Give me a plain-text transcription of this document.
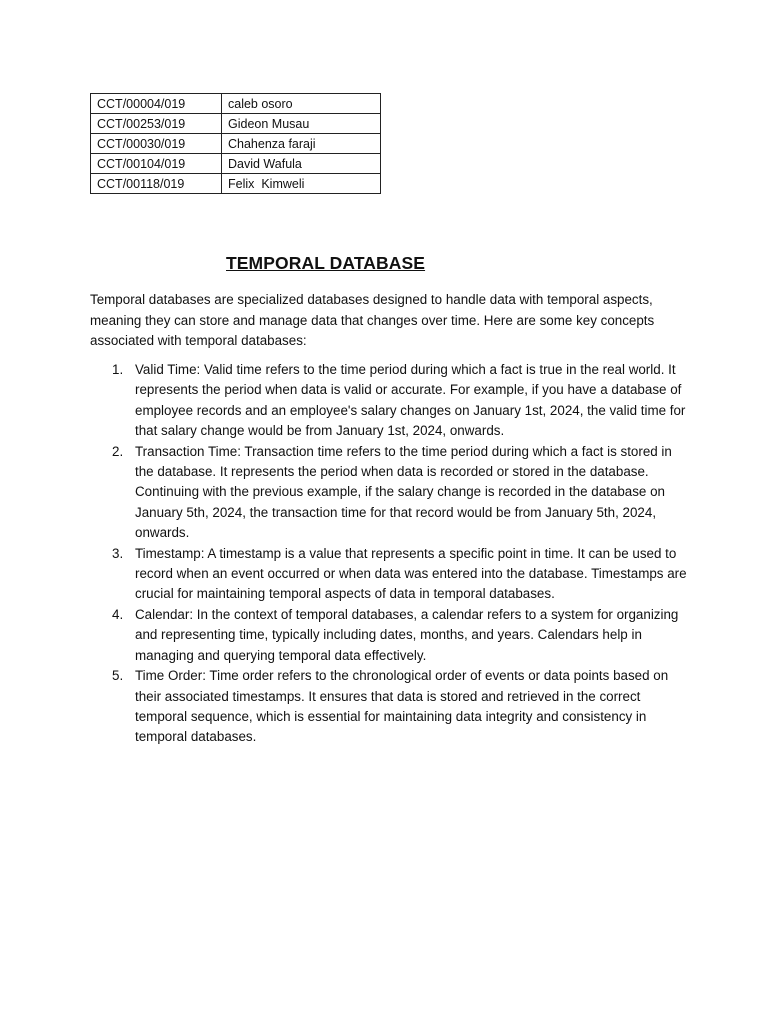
CCT/00004/019	caleb osoro
CCT/00253/019	Gideon Musau
CCT/00030/019	Chahenza faraji
CCT/00104/019	David Wafula
CCT/00118/019	Felix  Kimweli
TEMPORAL DATABASE

Temporal databases are specialized databases designed to handle data with temporal aspects, meaning they can store and manage data that changes over time. Here are some key concepts associated with temporal databases:

1. Valid Time: Valid time refers to the time period during which a fact is true in the real world. It represents the period when data is valid or accurate. For example, if you have a database of employee records and an employee's salary changes on January 1st, 2024, the valid time for that salary change would be from January 1st, 2024, onwards.
2. Transaction Time: Transaction time refers to the time period during which a fact is stored in the database. It represents the period when data is recorded or stored in the database. Continuing with the previous example, if the salary change is recorded in the database on January 5th, 2024, the transaction time for that record would be from January 5th, 2024, onwards.
3. Timestamp: A timestamp is a value that represents a specific point in time. It can be used to record when an event occurred or when data was entered into the database. Timestamps are crucial for maintaining temporal aspects of data in temporal databases.
4. Calendar: In the context of temporal databases, a calendar refers to a system for organizing and representing time, typically including dates, months, and years. Calendars help in managing and querying temporal data effectively.
5. Time Order: Time order refers to the chronological order of events or data points based on their associated timestamps. It ensures that data is stored and retrieved in the correct temporal sequence, which is essential for maintaining data integrity and consistency in temporal databases.
